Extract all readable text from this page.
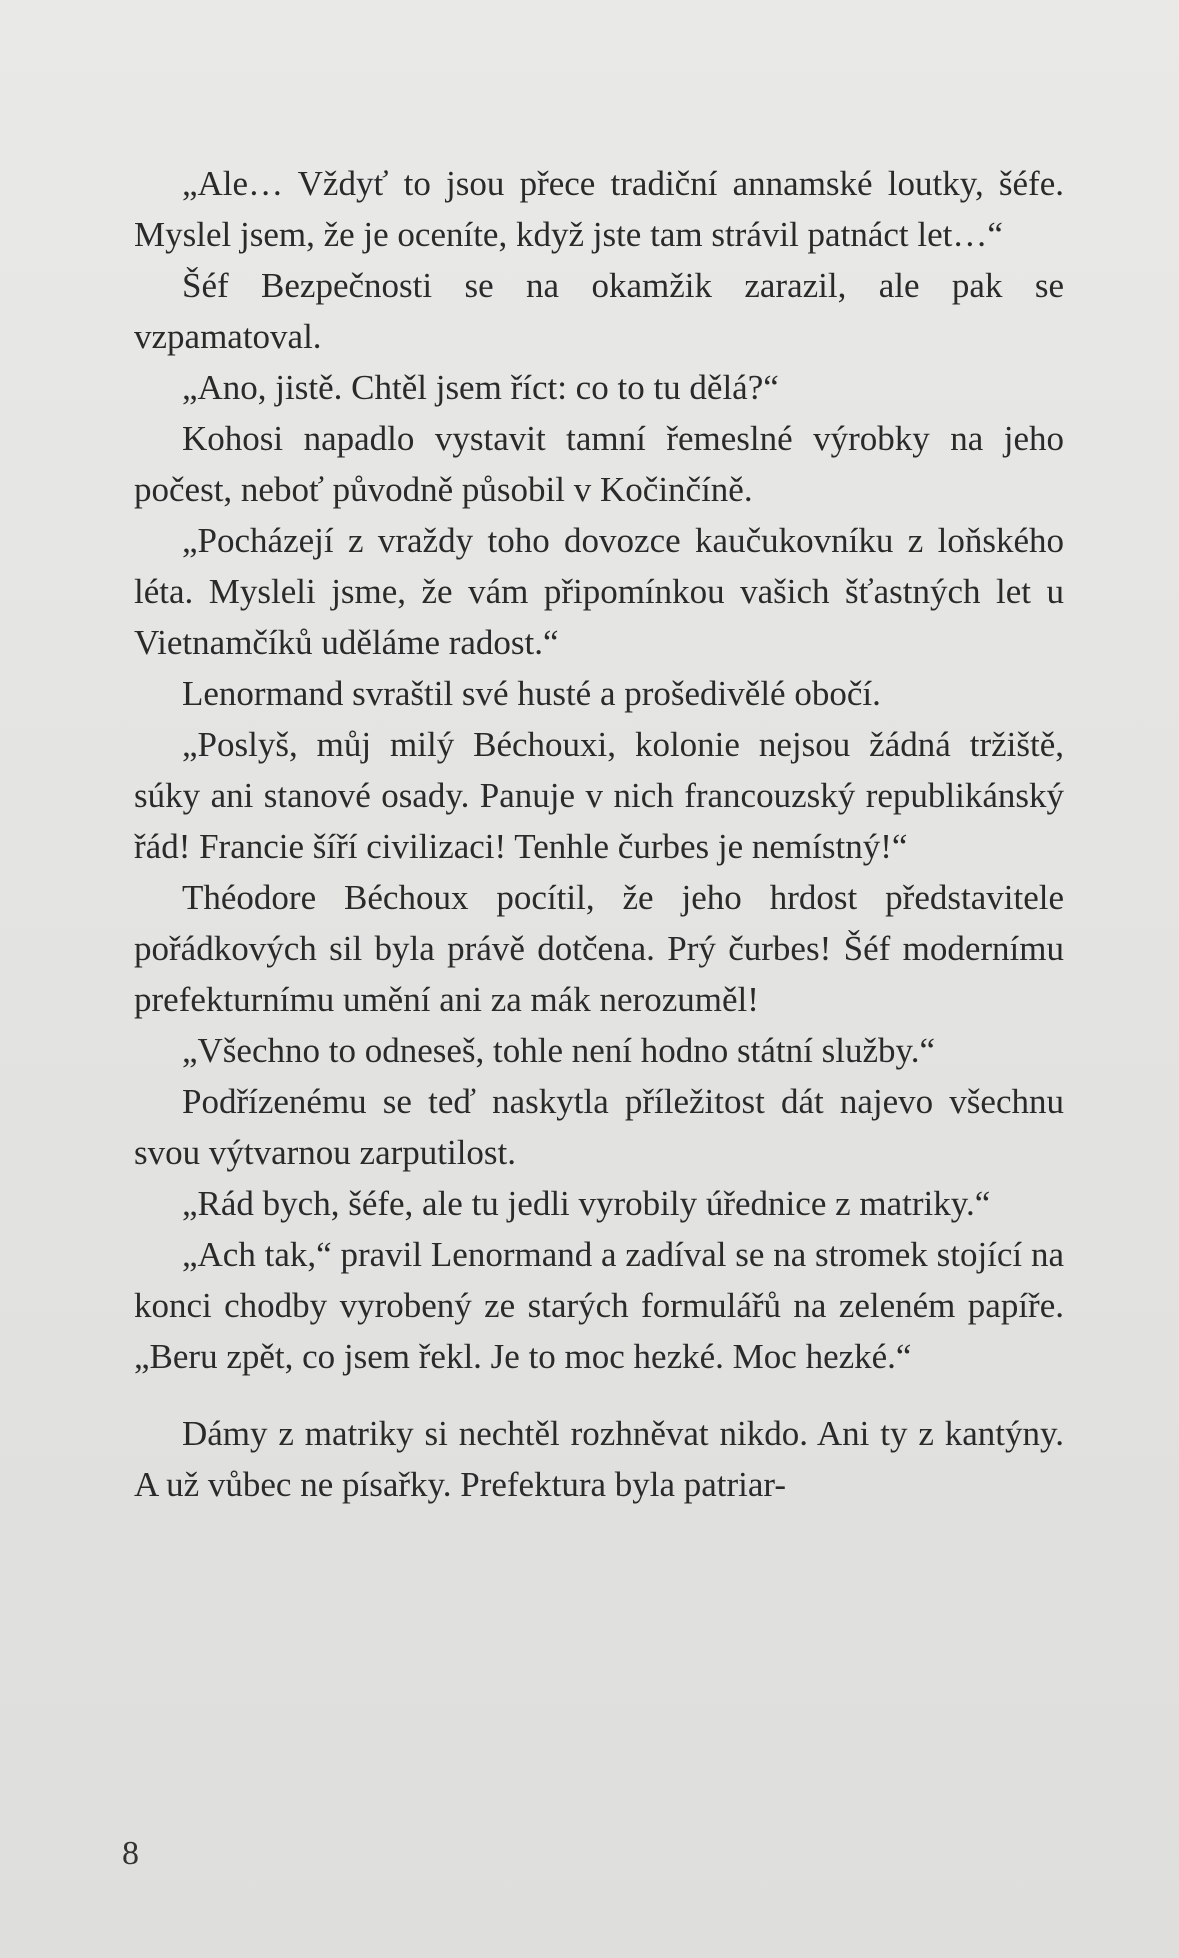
„Ale… Vždyť to jsou přece tradiční annamské loutky, šéfe. Myslel jsem, že je oceníte, když jste tam strávil patnáct let…“

Šéf Bezpečnosti se na okamžik zarazil, ale pak se vzpamatoval.

„Ano, jistě. Chtěl jsem říct: co to tu dělá?“

Kohosi napadlo vystavit tamní řemeslné výrobky na jeho počest, neboť původně působil v Kočinčíně.

„Pocházejí z vraždy toho dovozce kaučukovníku z loňského léta. Mysleli jsme, že vám připomínkou vašich šťastných let u Vietnamčíků uděláme radost.“

Lenormand svraštil své husté a prošedivělé obočí.

„Poslyš, můj milý Béchouxi, kolonie nejsou žádná tržiště, súky ani stanové osady. Panuje v nich francouzský republikánský řád! Francie šíří civilizaci! Tenhle čurbes je nemístný!“

Théodore Béchoux pocítil, že jeho hrdost představitele pořádkových sil byla právě dotčena. Prý čurbes! Šéf modernímu prefekturnímu umění ani za mák nerozuměl!

„Všechno to odneseš, tohle není hodno státní služby.“

Podřízenému se teď naskytla příležitost dát najevo všechnu svou výtvarnou zarputilost.

„Rád bych, šéfe, ale tu jedli vyrobily úřednice z matriky.“

„Ach tak,“ pravil Lenormand a zadíval se na stromek stojící na konci chodby vyrobený ze starých formulářů na zeleném papíře. „Beru zpět, co jsem řekl. Je to moc hezké. Moc hezké.“

Dámy z matriky si nechtěl rozhněvat nikdo. Ani ty z kantýny. A už vůbec ne písařky. Prefektura byla patriar-

8
